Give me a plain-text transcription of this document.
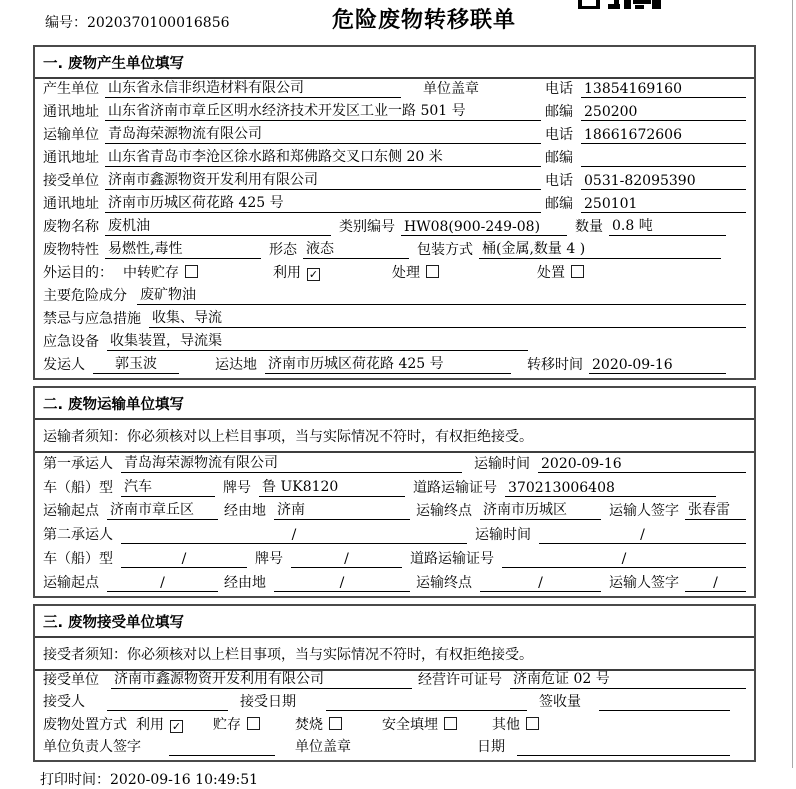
编号：2020370100016856	危险废物转移联单
一. 废物产生单位填写
产生单位 山东省永信非织造材料有限公司	单位盖章	电话 13854169160
通讯地址 山东省济南市章丘区明水经济技术开发区工业一路 501 号	邮编 250200
运输单位 青岛海荣源物流有限公司	电话 18661672606
通讯地址 山东省青岛市李沧区徐水路和郑佛路交叉口东侧 20 米	邮编
接受单位 济南市鑫源物资开发利用有限公司	电话 0531-82095390
通讯地址 济南市历城区荷花路 425 号	邮编 250101
废物名称 废机油	类别编号 HW08(900-249-08)	数量 0.8 吨
废物特性 易燃性,毒性	形态 液态	包装方式 桶(金属,数量 4 )
外运目的： 中转贮存	利用 ✓	处理	处置
主要危险成分 废矿物油
禁忌与应急措施 收集、导流
应急设备 收集装置，导流渠
发运人	郭玉波	运达地 济南市历城区荷花路 425 号	转移时间 2020-09-16
二. 废物运输单位填写
运输者须知：你必须核对以上栏目事项，当与实际情况不符时，有权拒绝接受。
第一承运人 青岛海荣源物流有限公司	运输时间 2020-09-16
车（船）型 汽车	牌号 鲁 UK8120	道路运输证号 370213006408
运输起点 济南市章丘区	经由地 济南	运输终点 济南市历城区	运输人签字 张春雷
第二承运人	/	运输时间	/
车（船）型	/	牌号	/	道路运输证号	/
运输起点	/	经由地	/	运输终点	/	运输人签字	/
三. 废物接受单位填写
接受者须知：你必须核对以上栏目事项，当与实际情况不符时，有权拒绝接受。
接受单位 济南市鑫源物资开发利用有限公司	经营许可证号 济南危证 02 号
接受人	接受日期	签收量
废物处置方式 利用 ✓ 贮存	焚烧	安全填埋	其他
单位负责人签字	单位盖章	日期
打印时间：2020-09-16 10:49:51
